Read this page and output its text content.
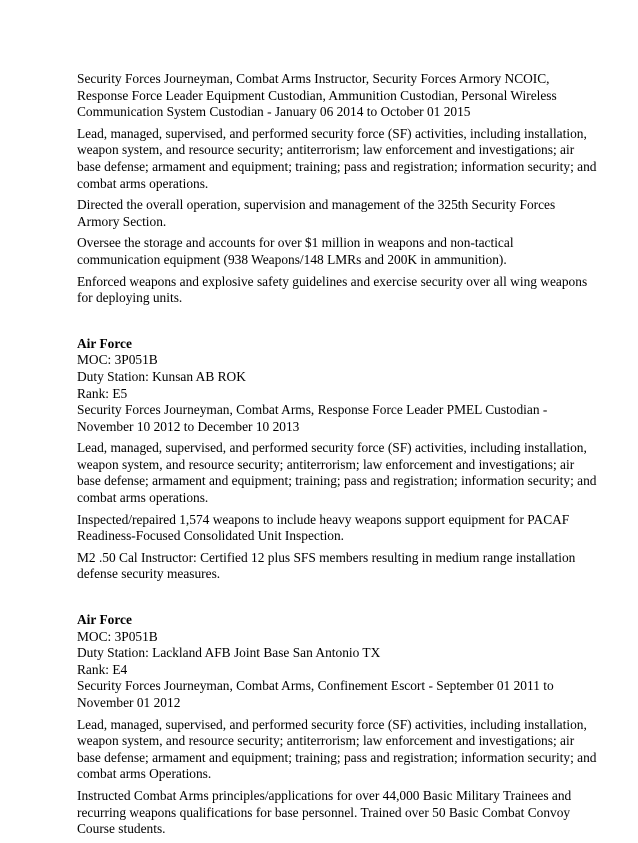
Security Forces Journeyman, Combat Arms Instructor, Security Forces Armory NCOIC,
Response Force Leader Equipment Custodian, Ammunition Custodian, Personal Wireless
Communication System Custodian - January 06 2014 to October 01 2015
Lead, managed, supervised, and performed security force (SF) activities, including installation,
weapon system, and resource security; antiterrorism; law enforcement and investigations; air
base defense; armament and equipment; training; pass and registration; information security; and
combat arms operations.
Directed the overall operation, supervision and management of the 325th Security Forces
Armory Section.
Oversee the storage and accounts for over $1 million in weapons and non-tactical
communication equipment (938 Weapons/148 LMRs and 200K in ammunition).
Enforced weapons and explosive safety guidelines and exercise security over all wing weapons
for deploying units.
Air Force
MOC: 3P051B
Duty Station: Kunsan AB ROK
Rank: E5
Security Forces Journeyman, Combat Arms, Response Force Leader PMEL Custodian -
November 10 2012 to December 10 2013
Lead, managed, supervised, and performed security force (SF) activities, including installation,
weapon system, and resource security; antiterrorism; law enforcement and investigations; air
base defense; armament and equipment; training; pass and registration; information security; and
combat arms operations.
Inspected/repaired 1,574 weapons to include heavy weapons support equipment for PACAF
Readiness-Focused Consolidated Unit Inspection.
M2 .50 Cal Instructor: Certified 12 plus SFS members resulting in medium range installation
defense security measures.
Air Force
MOC: 3P051B
Duty Station: Lackland AFB Joint Base San Antonio TX
Rank: E4
Security Forces Journeyman, Combat Arms, Confinement Escort - September 01 2011 to
November 01 2012
Lead, managed, supervised, and performed security force (SF) activities, including installation,
weapon system, and resource security; antiterrorism; law enforcement and investigations; air
base defense; armament and equipment; training; pass and registration; information security; and
combat arms Operations.
Instructed Combat Arms principles/applications for over 44,000 Basic Military Trainees and
recurring weapons qualifications for base personnel. Trained over 50 Basic Combat Convoy
Course students.
